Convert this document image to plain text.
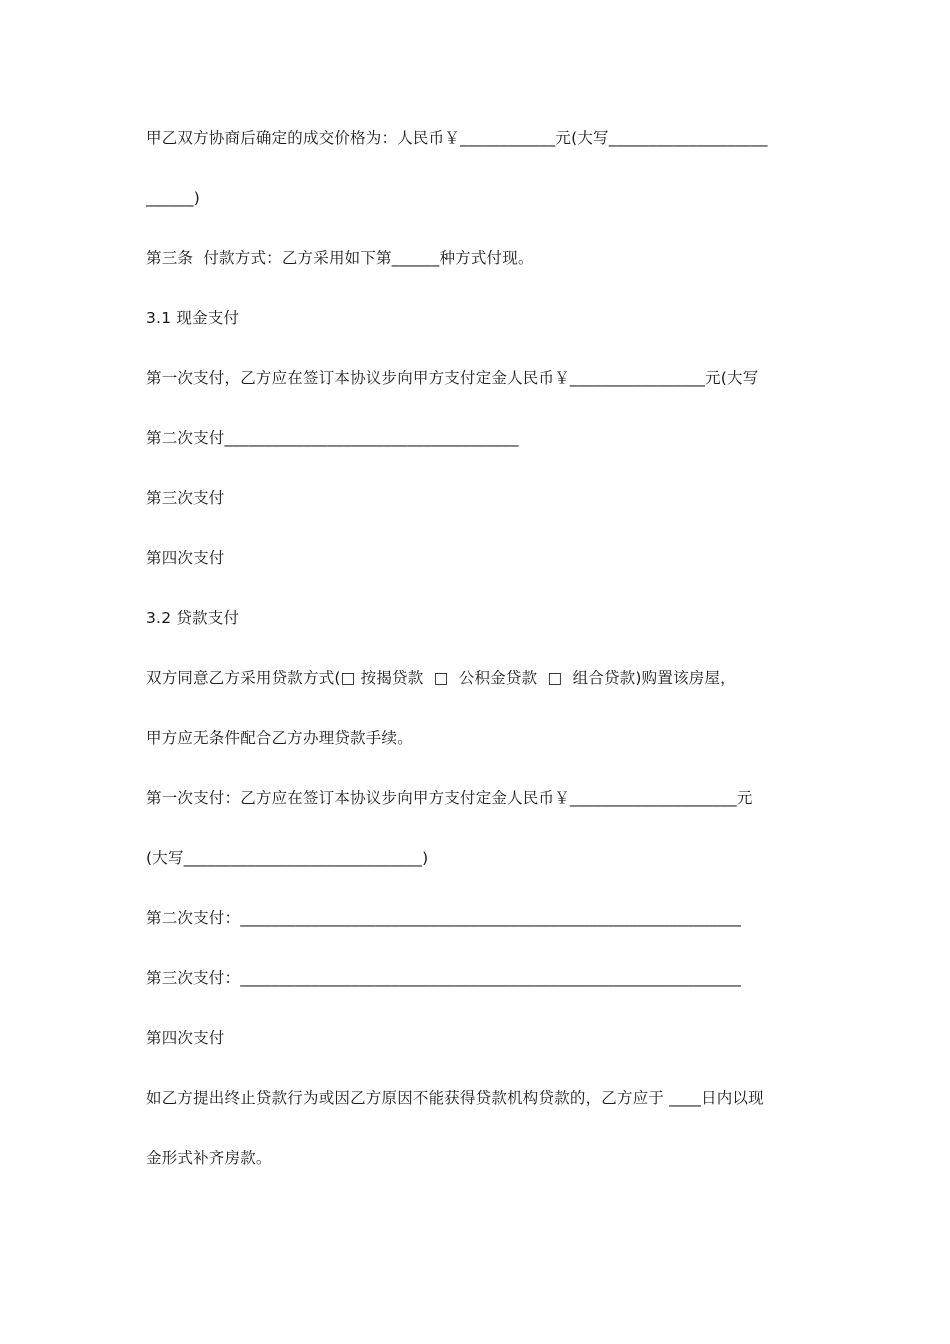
甲乙双方协商后确定的成交价格为：人民币￥____________元(大写____________________
______)
第三条  付款方式：乙方采用如下第______种方式付现。
3.1 现金支付
第一次支付，乙方应在签订本协议步向甲方支付定金人民币￥_________________元(大写
第二次支付_____________________________________
第三次支付
第四次支付
3.2 贷款支付
双方同意乙方采用贷款方式(□ 按揭贷款  □  公积金贷款  □  组合贷款)购置该房屋，
甲方应无条件配合乙方办理贷款手续。
第一次支付：乙方应在签订本协议步向甲方支付定金人民币￥_____________________元
(大写______________________________)
第二次支付：_______________________________________________________________
第三次支付：_______________________________________________________________
第四次支付
如乙方提出终止贷款行为或因乙方原因不能获得贷款机构贷款的，乙方应于 ____日内以现
金形式补齐房款。
